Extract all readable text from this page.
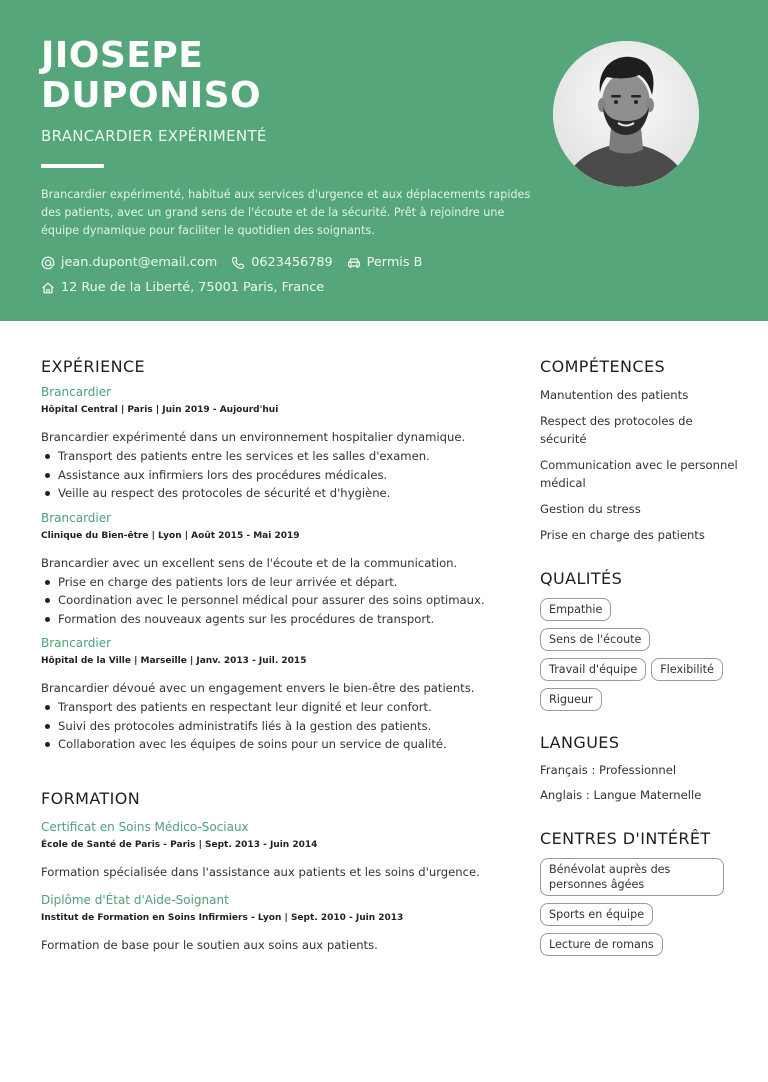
JIOSEPE
DUPONISO
BRANCARDIER EXPÉRIMENTÉ
Brancardier expérimenté, habitué aux services d'urgence et aux déplacements rapides des patients, avec un grand sens de l'écoute et de la sécurité. Prêt à rejoindre une équipe dynamique pour faciliter le quotidien des soignants.
jean.dupont@email.com	0623456789	Permis B
12 Rue de la Liberté, 75001 Paris, France
EXPÉRIENCE
Brancardier
Hôpital Central | Paris | Juin 2019 - Aujourd'hui
Brancardier expérimenté dans un environnement hospitalier dynamique.
Transport des patients entre les services et les salles d'examen.
Assistance aux infirmiers lors des procédures médicales.
Veille au respect des protocoles de sécurité et d'hygiène.
Brancardier
Clinique du Bien-être | Lyon | Août 2015 - Mai 2019
Brancardier avec un excellent sens de l'écoute et de la communication.
Prise en charge des patients lors de leur arrivée et départ.
Coordination avec le personnel médical pour assurer des soins optimaux.
Formation des nouveaux agents sur les procédures de transport.
Brancardier
Hôpital de la Ville | Marseille | Janv. 2013 - Juil. 2015
Brancardier dévoué avec un engagement envers le bien-être des patients.
Transport des patients en respectant leur dignité et leur confort.
Suivi des protocoles administratifs liés à la gestion des patients.
Collaboration avec les équipes de soins pour un service de qualité.
FORMATION
Certificat en Soins Médico-Sociaux
École de Santé de Paris - Paris | Sept. 2013 - Juin 2014
Formation spécialisée dans l'assistance aux patients et les soins d'urgence.
Diplôme d'État d'Aide-Soignant
Institut de Formation en Soins Infirmiers - Lyon | Sept. 2010 - Juin 2013
Formation de base pour le soutien aux soins aux patients.
COMPÉTENCES
Manutention des patients
Respect des protocoles de sécurité
Communication avec le personnel médical
Gestion du stress
Prise en charge des patients
QUALITÉS
Empathie
Sens de l'écoute
Travail d'équipe	Flexibilité
Rigueur
LANGUES
Français : Professionnel
Anglais : Langue Maternelle
CENTRES D'INTÉRÊT
Bénévolat auprès des personnes âgées
Sports en équipe
Lecture de romans
